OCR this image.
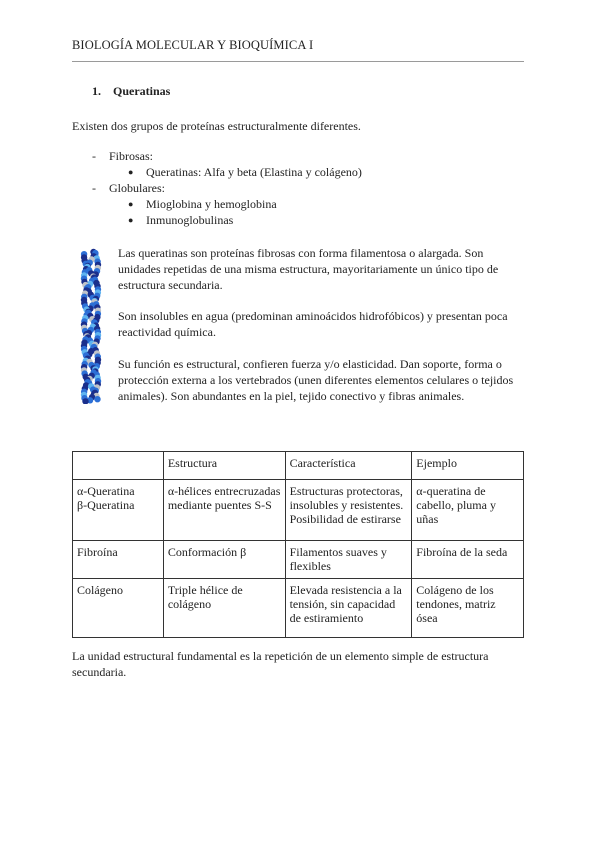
BIOLOGÍA MOLECULAR Y BIOQUÍMICA I
1. Queratinas
Existen dos grupos de proteínas estructuralmente diferentes.
- Fibrosas:
● Queratinas: Alfa y beta (Elastina y colágeno)
- Globulares:
● Mioglobina y hemoglobina
● Inmunoglobulinas
Las queratinas son proteínas fibrosas con forma filamentosa o alargada. Son unidades repetidas de una misma estructura, mayoritariamente un único tipo de estructura secundaria.
Son insolubles en agua (predominan aminoácidos hidrofóbicos) y presentan poca reactividad química.
Su función es estructural, confieren fuerza y/o elasticidad. Dan soporte, forma o protección externa a los vertebrados (unen diferentes elementos celulares o tejidos animales). Son abundantes en la piel, tejido conectivo y fibras animales.
	Estructura	Característica	Ejemplo

α-Queratina
β-Queratina	α-hélices entrecruzadas mediante puentes S-S	Estructuras protectoras, insolubles y resistentes. Posibilidad de estirarse	α-queratina de cabello, pluma y uñas
Fibroína	Conformación β	Filamentos suaves y flexibles	Fibroína de la seda
Colágeno	Triple hélice de colágeno	Elevada resistencia a la tensión, sin capacidad de estiramiento	Colágeno de los tendones, matriz ósea
La unidad estructural fundamental es la repetición de un elemento simple de estructura secundaria.
